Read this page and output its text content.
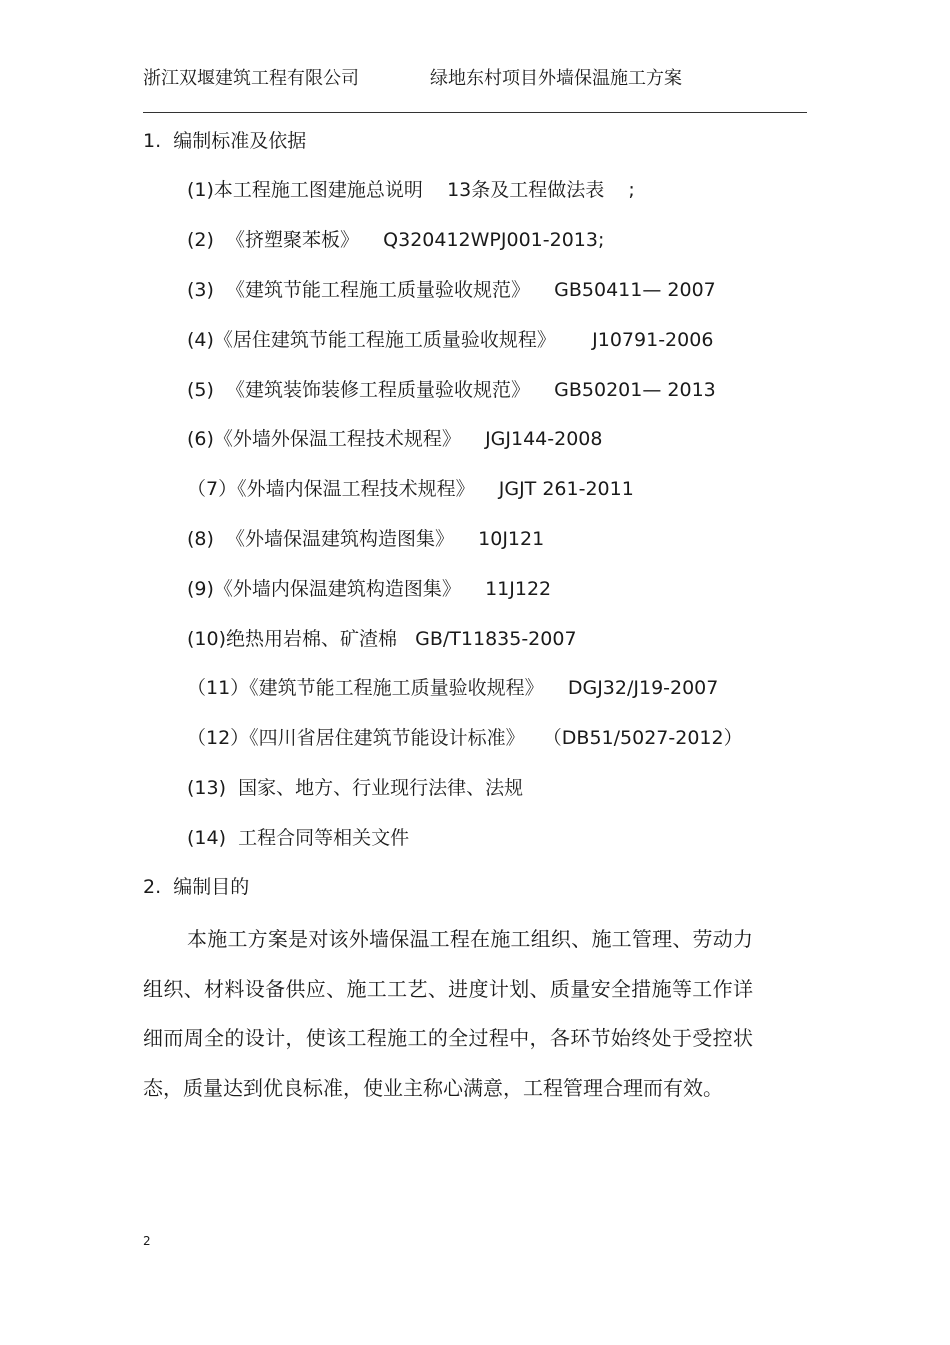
浙江双堰建筑工程有限公司	绿地东村项目外墙保温施工方案
1.  编制标准及依据
(1)本工程施工图建施总说明    13条及工程做法表    ;
(2)  《挤塑聚苯板》    Q320412WPJ001-2013;
(3)  《建筑节能工程施工质量验收规范》    GB50411— 2007
(4)《居住建筑节能工程施工质量验收规程》      J10791-2006
(5)  《建筑装饰装修工程质量验收规范》    GB50201— 2013
(6)《外墙外保温工程技术规程》    JGJ144-2008
（7）《外墙内保温工程技术规程》    JGJT 261-2011
(8)  《外墙保温建筑构造图集》    10J121
(9)《外墙内保温建筑构造图集》    11J122
(10)绝热用岩棉、矿渣棉   GB/T11835-2007
（11）《建筑节能工程施工质量验收规程》    DGJ32/J19-2007
（12）《四川省居住建筑节能设计标准》   （DB51/5027-2012）
(13)  国家、地方、行业现行法律、法规
(14)  工程合同等相关文件
2.  编制目的
本施工方案是对该外墙保温工程在施工组织、施工管理、劳动力组织、材料设备供应、施工工艺、进度计划、质量安全措施等工作详细而周全的设计，使该工程施工的全过程中，各环节始终处于受控状态，质量达到优良标准，使业主称心满意，工程管理合理而有效。
2
